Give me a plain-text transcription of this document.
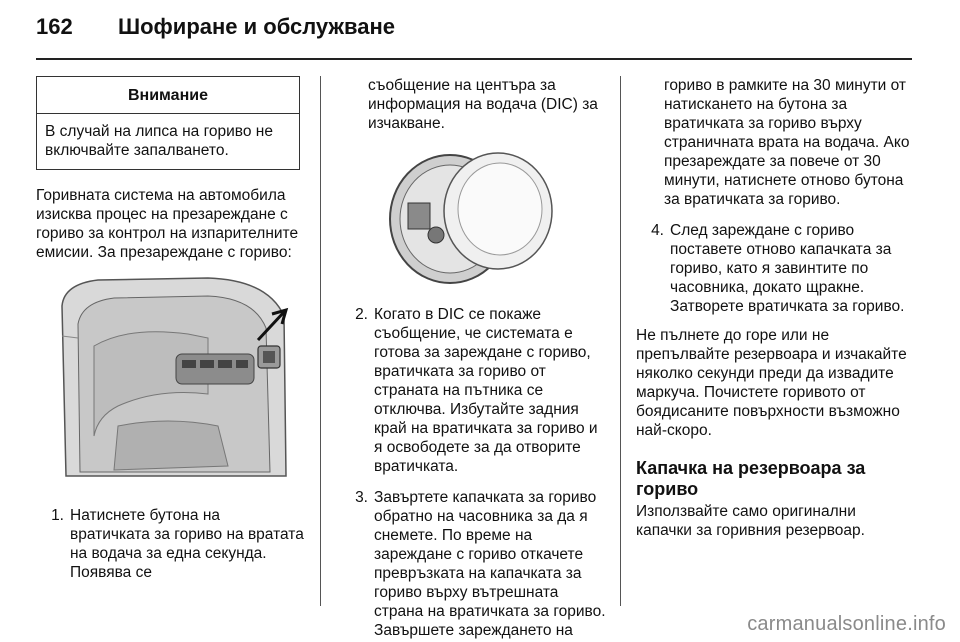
162 Шофиране и обслужване
Внимание
В случай на липса на гориво не включвайте запалването.

Горивната система на автомобила изисква процес на презареждане с гориво за контрол на изпарителните емисии. За презареждане с гориво:

1. Натиснете бутона на вратичката за гориво на вратата на водача за една секунда. Появява се

съобщение на центъра за информация на водача (DIC) за изчакване.

2. Когато в DIC се покаже съобщение, че системата е готова за зареждане с гориво, вратичката за гориво от страната на пътника се отключва. Избутайте задния край на вратичката за гориво и я освободете за да отворите вратичката.
3. Завъртете капачката за гориво обратно на часовника за да я снемете. По време на зареждане с гориво откачете превръзката на капачката за гориво върху вътрешната страна на вратичката за гориво. Завършете зареждането на

гориво в рамките на 30 минути от натискането на бутона за вратичката за гориво върху страничната врата на водача. Ако презареждате за повече от 30 минути, натиснете отново бутона за вратичката за гориво.

4. След зареждане с гориво поставете отново капачката за гориво, като я завинтите по часовника, докато щракне. Затворете вратичката за гориво.

Не пълнете до горе или не препълвайте резервоара и изчакайте няколко секунди преди да извадите маркуча. Почистете горивото от боядисаните повърхности възможно най-скоро.

Капачка на резервоара за гориво

Използвайте само оригинални капачки за горивния резервоар.

carmanualsonline.info
